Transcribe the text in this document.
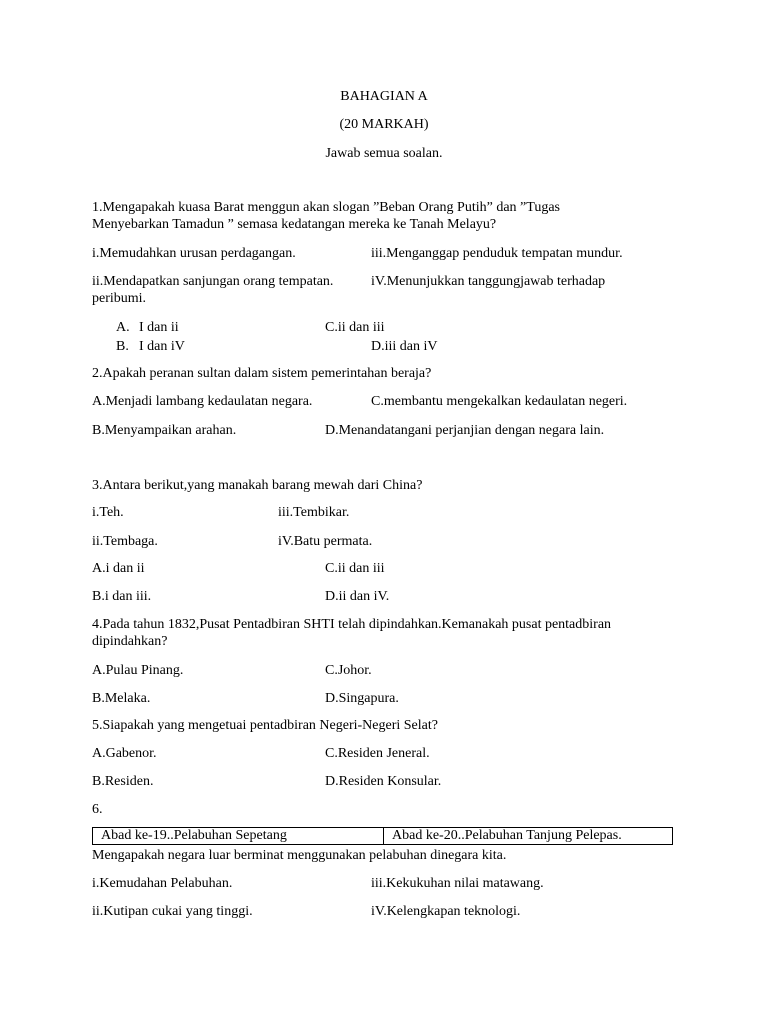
BAHAGIAN A
(20 MARKAH)
Jawab semua soalan.
1.Mengapakah kuasa Barat menggun akan slogan ”Beban Orang Putih” dan ”Tugas
Menyebarkan Tamadun ” semasa kedatangan mereka ke Tanah Melayu?
i.Memudahkan urusan perdagangan.	iii.Menganggap penduduk tempatan mundur.
ii.Mendapatkan sanjungan orang tempatan.	iV.Menunjukkan tanggungjawab terhadap
peribumi.
A. I dan ii	C.ii dan iii
B. I dan iV	D.iii dan iV
2.Apakah peranan sultan dalam sistem pemerintahan beraja?
A.Menjadi lambang kedaulatan negara.	C.membantu mengekalkan kedaulatan negeri.
B.Menyampaikan arahan.	D.Menandatangani perjanjian dengan negara lain.
3.Antara berikut,yang manakah barang mewah dari China?
i.Teh.	iii.Tembikar.
ii.Tembaga.	iV.Batu permata.
A.i dan ii	C.ii dan iii
B.i dan iii.	D.ii dan iV.
4.Pada tahun 1832,Pusat Pentadbiran SHTI telah dipindahkan.Kemanakah pusat pentadbiran
dipindahkan?
A.Pulau Pinang.	C.Johor.
B.Melaka.	D.Singapura.
5.Siapakah yang mengetuai pentadbiran Negeri-Negeri Selat?
A.Gabenor.	C.Residen Jeneral.
B.Residen.	D.Residen Konsular.
6.
Abad ke-19..Pelabuhan Sepetang	Abad ke-20..Pelabuhan Tanjung Pelepas.
Mengapakah negara luar berminat menggunakan pelabuhan dinegara kita.
i.Kemudahan Pelabuhan.	iii.Kekukuhan nilai matawang.
ii.Kutipan cukai yang tinggi.	iV.Kelengkapan teknologi.
